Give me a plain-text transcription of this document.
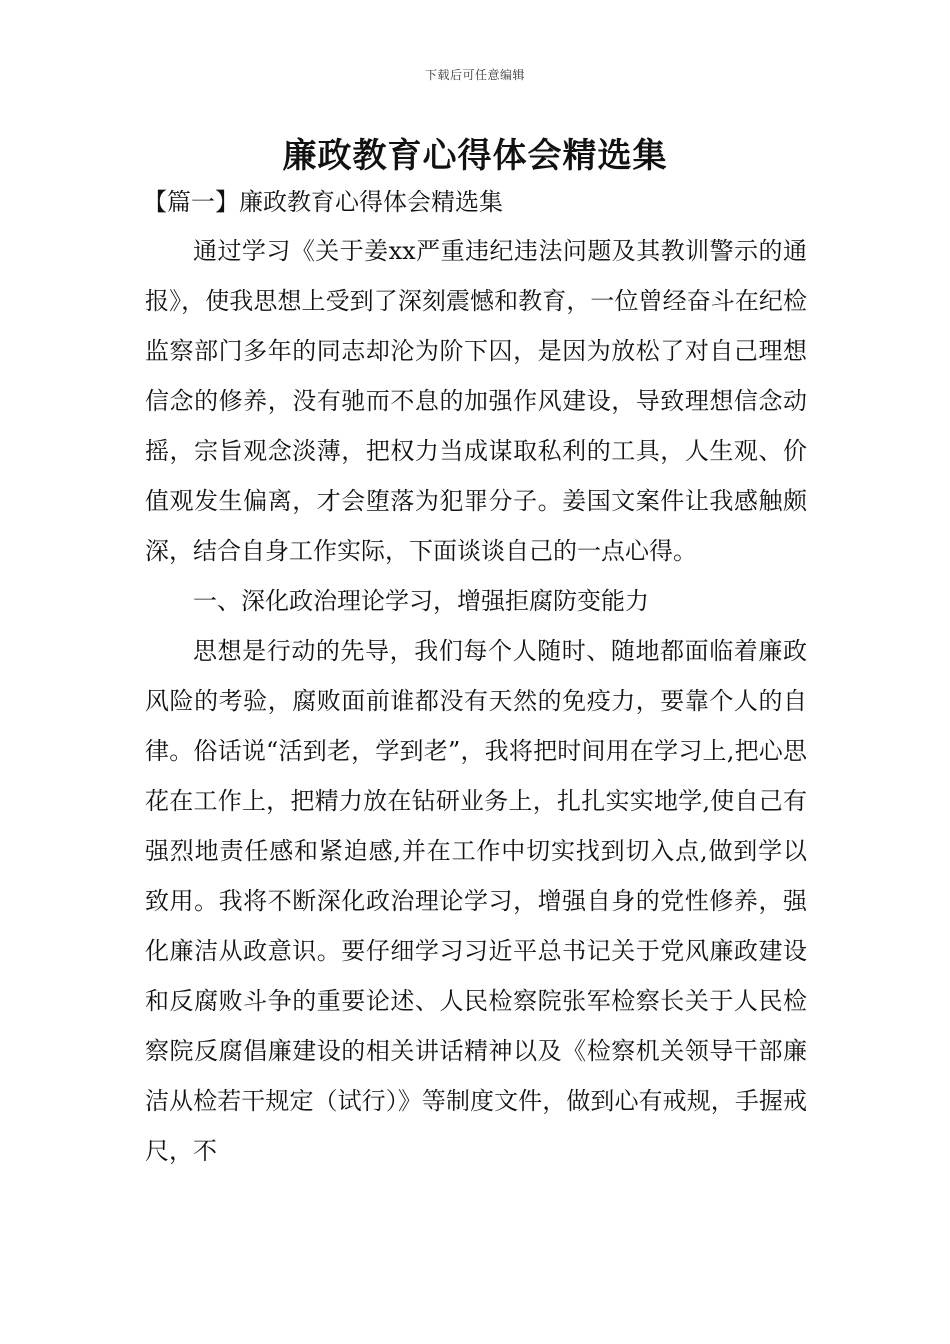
下载后可任意编辑
廉政教育心得体会精选集
【篇一】廉政教育心得体会精选集

通过学习《关于姜xx严重违纪违法问题及其教训警示的通报》，使我思想上受到了深刻震憾和教育，一位曾经奋斗在纪检监察部门多年的同志却沦为阶下囚，是因为放松了对自己理想信念的修养，没有驰而不息的加强作风建设，导致理想信念动摇，宗旨观念淡薄，把权力当成谋取私利的工具，人生观、价值观发生偏离，才会堕落为犯罪分子。姜国文案件让我感触颇深，结合自身工作实际，下面谈谈自己的一点心得。

一、深化政治理论学习，增强拒腐防变能力

思想是行动的先导，我们每个人随时、随地都面临着廉政风险的考验，腐败面前谁都没有天然的免疫力，要靠个人的自律。俗话说“活到老，学到老”，我将把时间用在学习上,把心思花在工作上，把精力放在钻研业务上，扎扎实实地学,使自己有强烈地责任感和紧迫感,并在工作中切实找到切入点,做到学以致用。我将不断深化政治理论学习，增强自身的党性修养，强化廉洁从政意识。要仔细学习习近平总书记关于党风廉政建设和反腐败斗争的重要论述、人民检察院张军检察长关于人民检察院反腐倡廉建设的相关讲话精神以及《检察机关领导干部廉洁从检若干规定（试行）》等制度文件，做到心有戒规，手握戒尺，不
